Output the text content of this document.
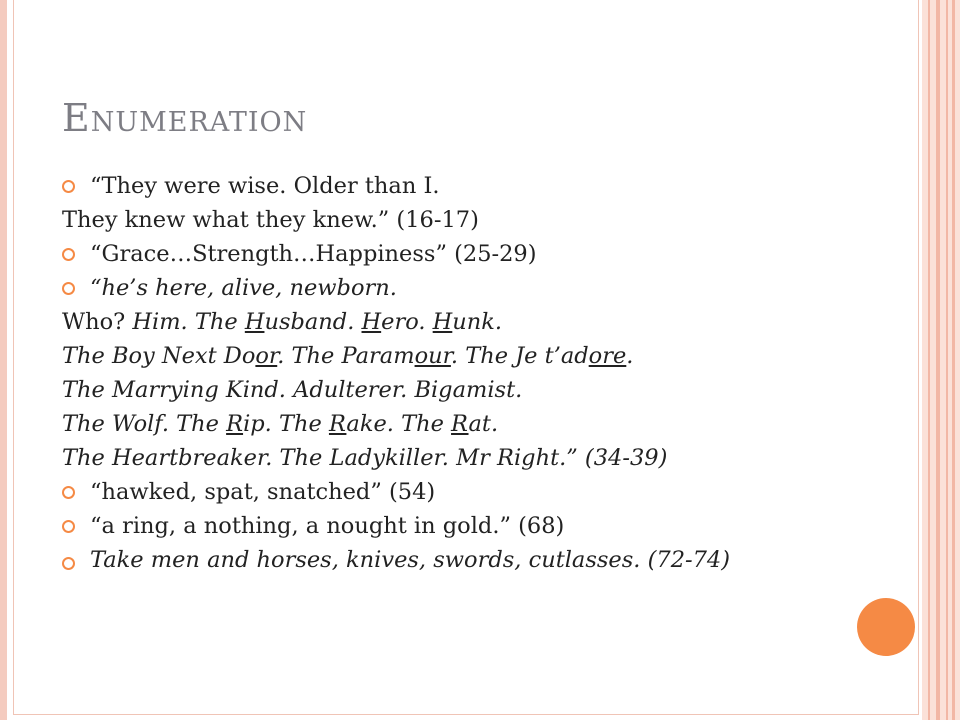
Enumeration
“They were wise. Older than I.
They knew what they knew.” (16-17)
“Grace…Strength…Happiness” (25-29)
“he’s here, alive, newborn.
Who? Him. The Husband. Hero. Hunk.
The Boy Next Door. The Paramour. The Je t’adore.
The Marrying Kind. Adulterer. Bigamist.
The Wolf. The Rip. The Rake. The Rat.
The Heartbreaker. The Ladykiller. Mr Right.” (34-39)
“hawked, spat, snatched” (54)
“a ring, a nothing, a nought in gold.” (68)
Take men and horses, knives, swords, cutlasses. (72-74)
